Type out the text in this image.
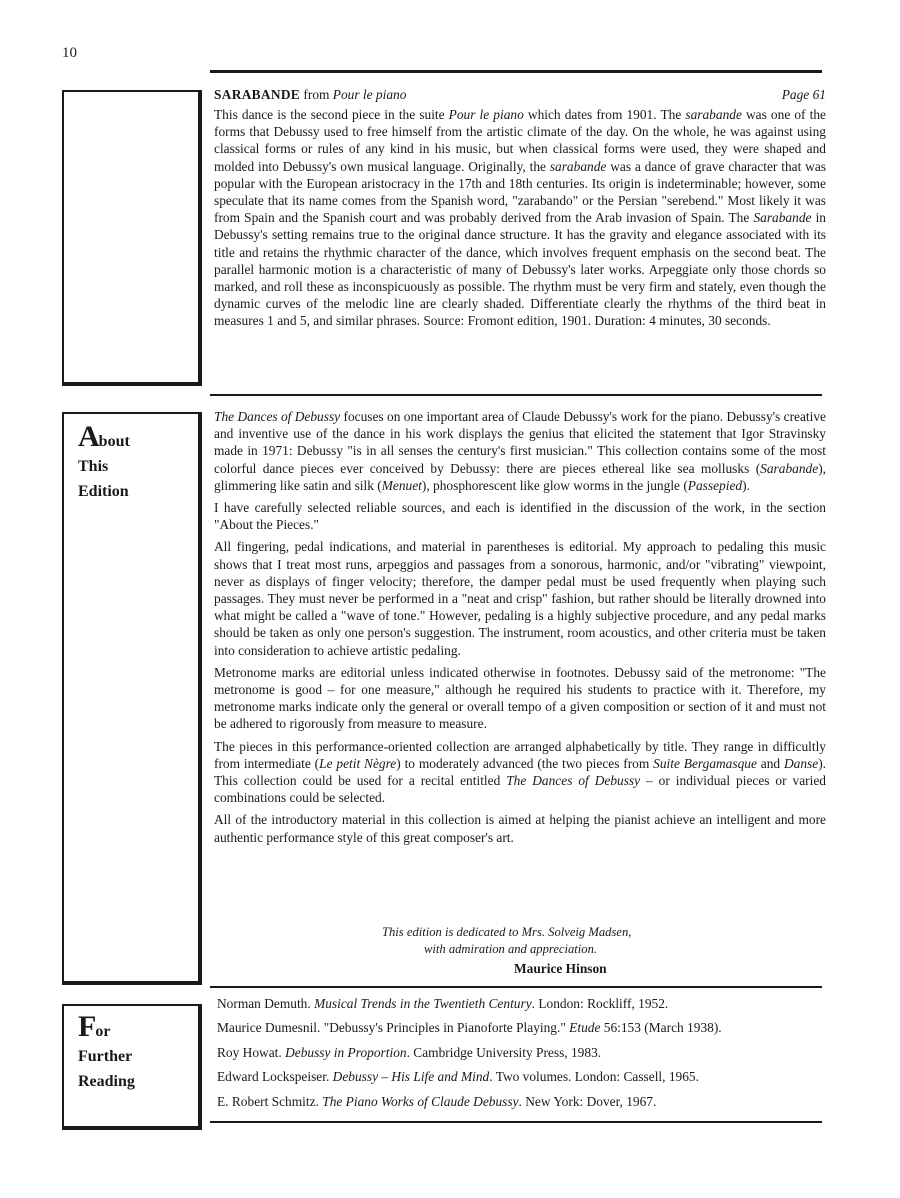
10
SARABANDE from Pour le piano	Page 61

This dance is the second piece in the suite Pour le piano which dates from 1901. The sarabande was one of the forms that Debussy used to free himself from the artistic climate of the day. On the whole, he was against using classical forms or rules of any kind in his music, but when classical forms were used, they were shaped and molded into Debussy's own musical language. Originally, the sarabande was a dance of grave character that was popular with the European aristocracy in the 17th and 18th centuries. Its origin is indeterminable; however, some speculate that its name comes from the Spanish word, "zarabando" or the Persian "serebend." Most likely it was from Spain and the Spanish court and was probably derived from the Arab invasion of Spain. The Sarabande in Debussy's setting remains true to the original dance structure. It has the gravity and elegance associated with its title and retains the rhythmic character of the dance, which involves frequent emphasis on the second beat. The parallel harmonic motion is a characteristic of many of Debussy's later works. Arpeggiate only those chords so marked, and roll these as inconspicuously as possible. The rhythm must be very firm and stately, even though the dynamic curves of the melodic line are clearly shaded. Differentiate clearly the rhythms of the third beat in measures 1 and 5, and similar phrases. Source: Fromont edition, 1901. Duration: 4 minutes, 30 seconds.

About
This
Edition

The Dances of Debussy focuses on one important area of Claude Debussy's work for the piano. Debussy's creative and inventive use of the dance in his work displays the genius that elicited the statement that Igor Stravinsky made in 1971: Debussy "is in all senses the century's first musician." This collection contains some of the most colorful dance pieces ever conceived by Debussy: there are pieces ethereal like sea mollusks (Sarabande), glimmering like satin and silk (Menuet), phosphorescent like glow worms in the jungle (Passepied).

I have carefully selected reliable sources, and each is identified in the discussion of the work, in the section "About the Pieces."

All fingering, pedal indications, and material in parentheses is editorial. My approach to pedaling this music shows that I treat most runs, arpeggios and passages from a sonorous, harmonic, and/or "vibrating" viewpoint, never as displays of finger velocity; therefore, the damper pedal must be used frequently when playing such passages. They must never be performed in a "neat and crisp" fashion, but rather should be literally drowned into what might be called a "wave of tone." However, pedaling is a highly subjective procedure, and any pedal marks should be taken as only one person's suggestion. The instrument, room acoustics, and other criteria must be taken into consideration to achieve artistic pedaling.

Metronome marks are editorial unless indicated otherwise in footnotes. Debussy said of the metronome: "The metronome is good – for one measure," although he required his students to practice with it. Therefore, my metronome marks indicate only the general or overall tempo of a given composition or section of it and must not be adhered to rigorously from measure to measure.

The pieces in this performance-oriented collection are arranged alphabetically by title. They range in difficultly from intermediate (Le petit Nègre) to moderately advanced (the two pieces from Suite Bergamasque and Danse). This collection could be used for a recital entitled The Dances of Debussy – or individual pieces or varied combinations could be selected.

All of the introductory material in this collection is aimed at helping the pianist achieve an intelligent and more authentic performance style of this great composer's art.

This edition is dedicated to Mrs. Solveig Madsen,
with admiration and appreciation.
Maurice Hinson
For
Further
Reading
Norman Demuth. Musical Trends in the Twentieth Century. London: Rockliff, 1952.
Maurice Dumesnil. "Debussy's Principles in Pianoforte Playing." Etude 56:153 (March 1938).
Roy Howat. Debussy in Proportion. Cambridge University Press, 1983.
Edward Lockspeiser. Debussy – His Life and Mind. Two volumes. London: Cassell, 1965.
E. Robert Schmitz. The Piano Works of Claude Debussy. New York: Dover, 1967.
